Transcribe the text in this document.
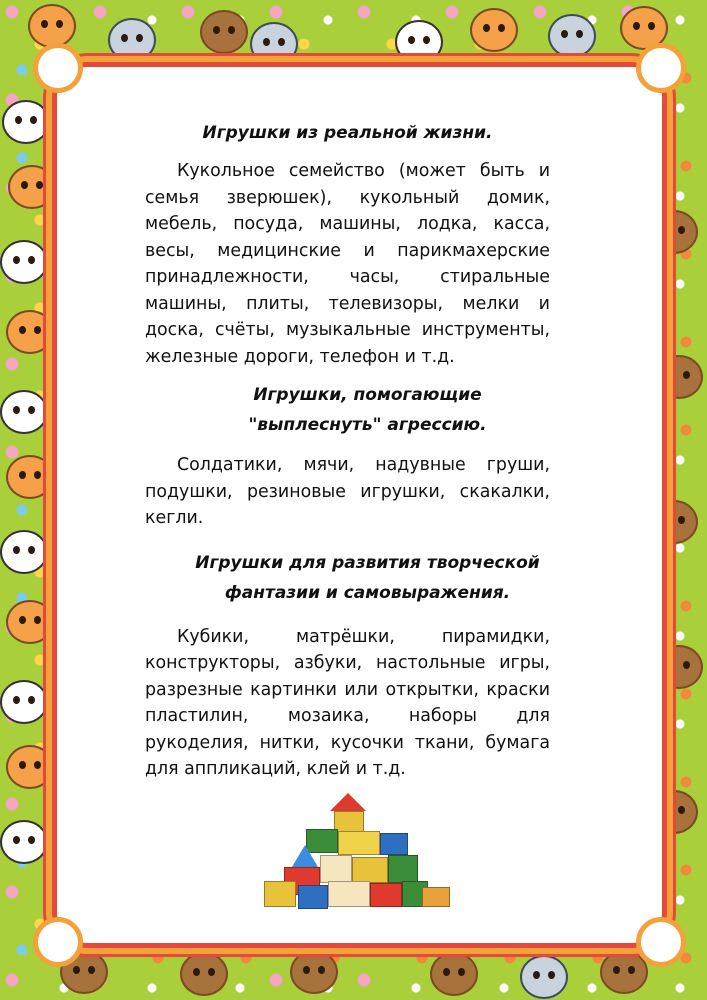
Игрушки из реальной жизни.

Кукольное семейство (может быть и семья зверюшек), кукольный домик, мебель, посуда, машины, лодка, касса, весы, медицинские и парикмахерские принадлежности, часы, стиральные машины, плиты, телевизоры, мелки и доска, счёты, музыкальные инструменты, железные дороги, телефон и т.д.

Игрушки, помогающие "выплеснуть" агрессию.

Солдатики, мячи, надувные груши, подушки, резиновые игрушки, скакалки, кегли.

Игрушки для развития творческой фантазии и самовыражения.

Кубики, матрёшки, пирамидки, конструкторы, азбуки, настольные игры, разрезные картинки или открытки, краски пластилин, мозаика, наборы для рукоделия, нитки, кусочки ткани, бумага для аппликаций, клей и т.д.
